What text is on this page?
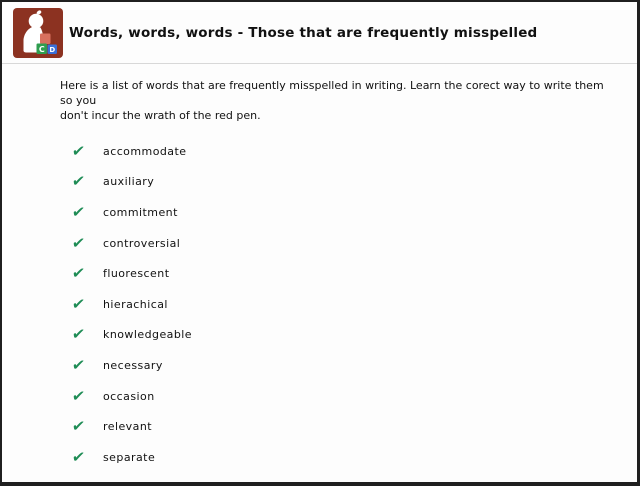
C D
Words, words, words - Those that are frequently misspelled

Here is a list of words that are frequently misspelled in writing. Learn the corect way to write them so you
don't incur the wrath of the red pen.

✔	accommodate
✔	auxiliary
✔	commitment
✔	controversial
✔	fluorescent
✔	hierachical
✔	knowledgeable
✔	necessary
✔	occasion
✔	relevant
✔	separate
